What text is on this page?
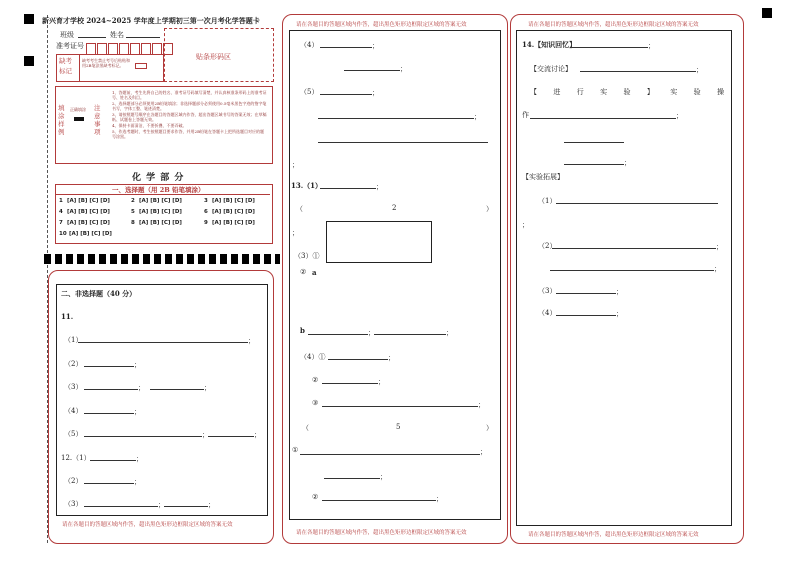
新兴育才学校 2024~2025 学年度上学期初三第一次月考化学答题卡
班级	姓名
准考证号
贴条形码区
缺考标记
缺考考生禁止考号后贴贴和用2B笔涂黑缺考标记。
填涂样例
正确填涂 注意事项
1、答题前，考生先将自己的姓名、准考证号码填写清楚，并认真核准条形码上的准考证号、姓名及科目。
2、选择题部分必须使用2B铅笔填涂；非选择题部分必须使用0.5毫米黑色字迹的签字笔书写，字体工整、笔迹清楚。
3、请按照题号顺序在各题目的答题区域内作答，超出答题区域书写的答案无效；在草稿纸、试题卷上答题无效。
4、保持卡面清洁，不要折叠、不要弄破。
5、作选考题时，考生按照题目要求作答，并用2B铅笔在答题卡上把所选题目对应的题号涂黑。
化 学 部 分
一、选择题（用 2B 铅笔填涂）
1 [A] [B] [C] [D]	2 [A] [B] [C] [D]	3 [A] [B] [C] [D]
4 [A] [B] [C] [D]	5 [A] [B] [C] [D]	6 [A] [B] [C] [D]
7 [A] [B] [C] [D]	8 [A] [B] [C] [D]	9 [A] [B] [C] [D]
10 [A] [B] [C] [D]
二、非选择题（40 分）
11.
（1）	；
（2）	；
（3）	；	；
（4）	；
（5）	；	；
12.（1）	；
（2）	；
（3）	；	；
请在各题目的答题区域内作答，超出黑色矩形边框限定区域的答案无效
请在各题目的答题区域内作答，超出黑色矩形边框限定区域的答案无效
（4）	；
；
（5）	；
；
；
13.（1）	；
（	2	）
；
（3）①
② a
b	；	；
（4）①	；
②	；
③	；
（	5	）
①	；
；
②	；
请在各题目的答题区域内作答，超出黑色矩形边框限定区域的答案无效
请在各题目的答题区域内作答，超出黑色矩形边框限定区域的答案无效
14.【知识回忆】	；
【交流讨论】	；
【 进 行 实 验 】 实 验 操
作	；
；
【实验拓展】
（1）
；
（2）	；
；
（3）	；
（4）	；
请在各题目的答题区域内作答，超出黑色矩形边框限定区域的答案无效
